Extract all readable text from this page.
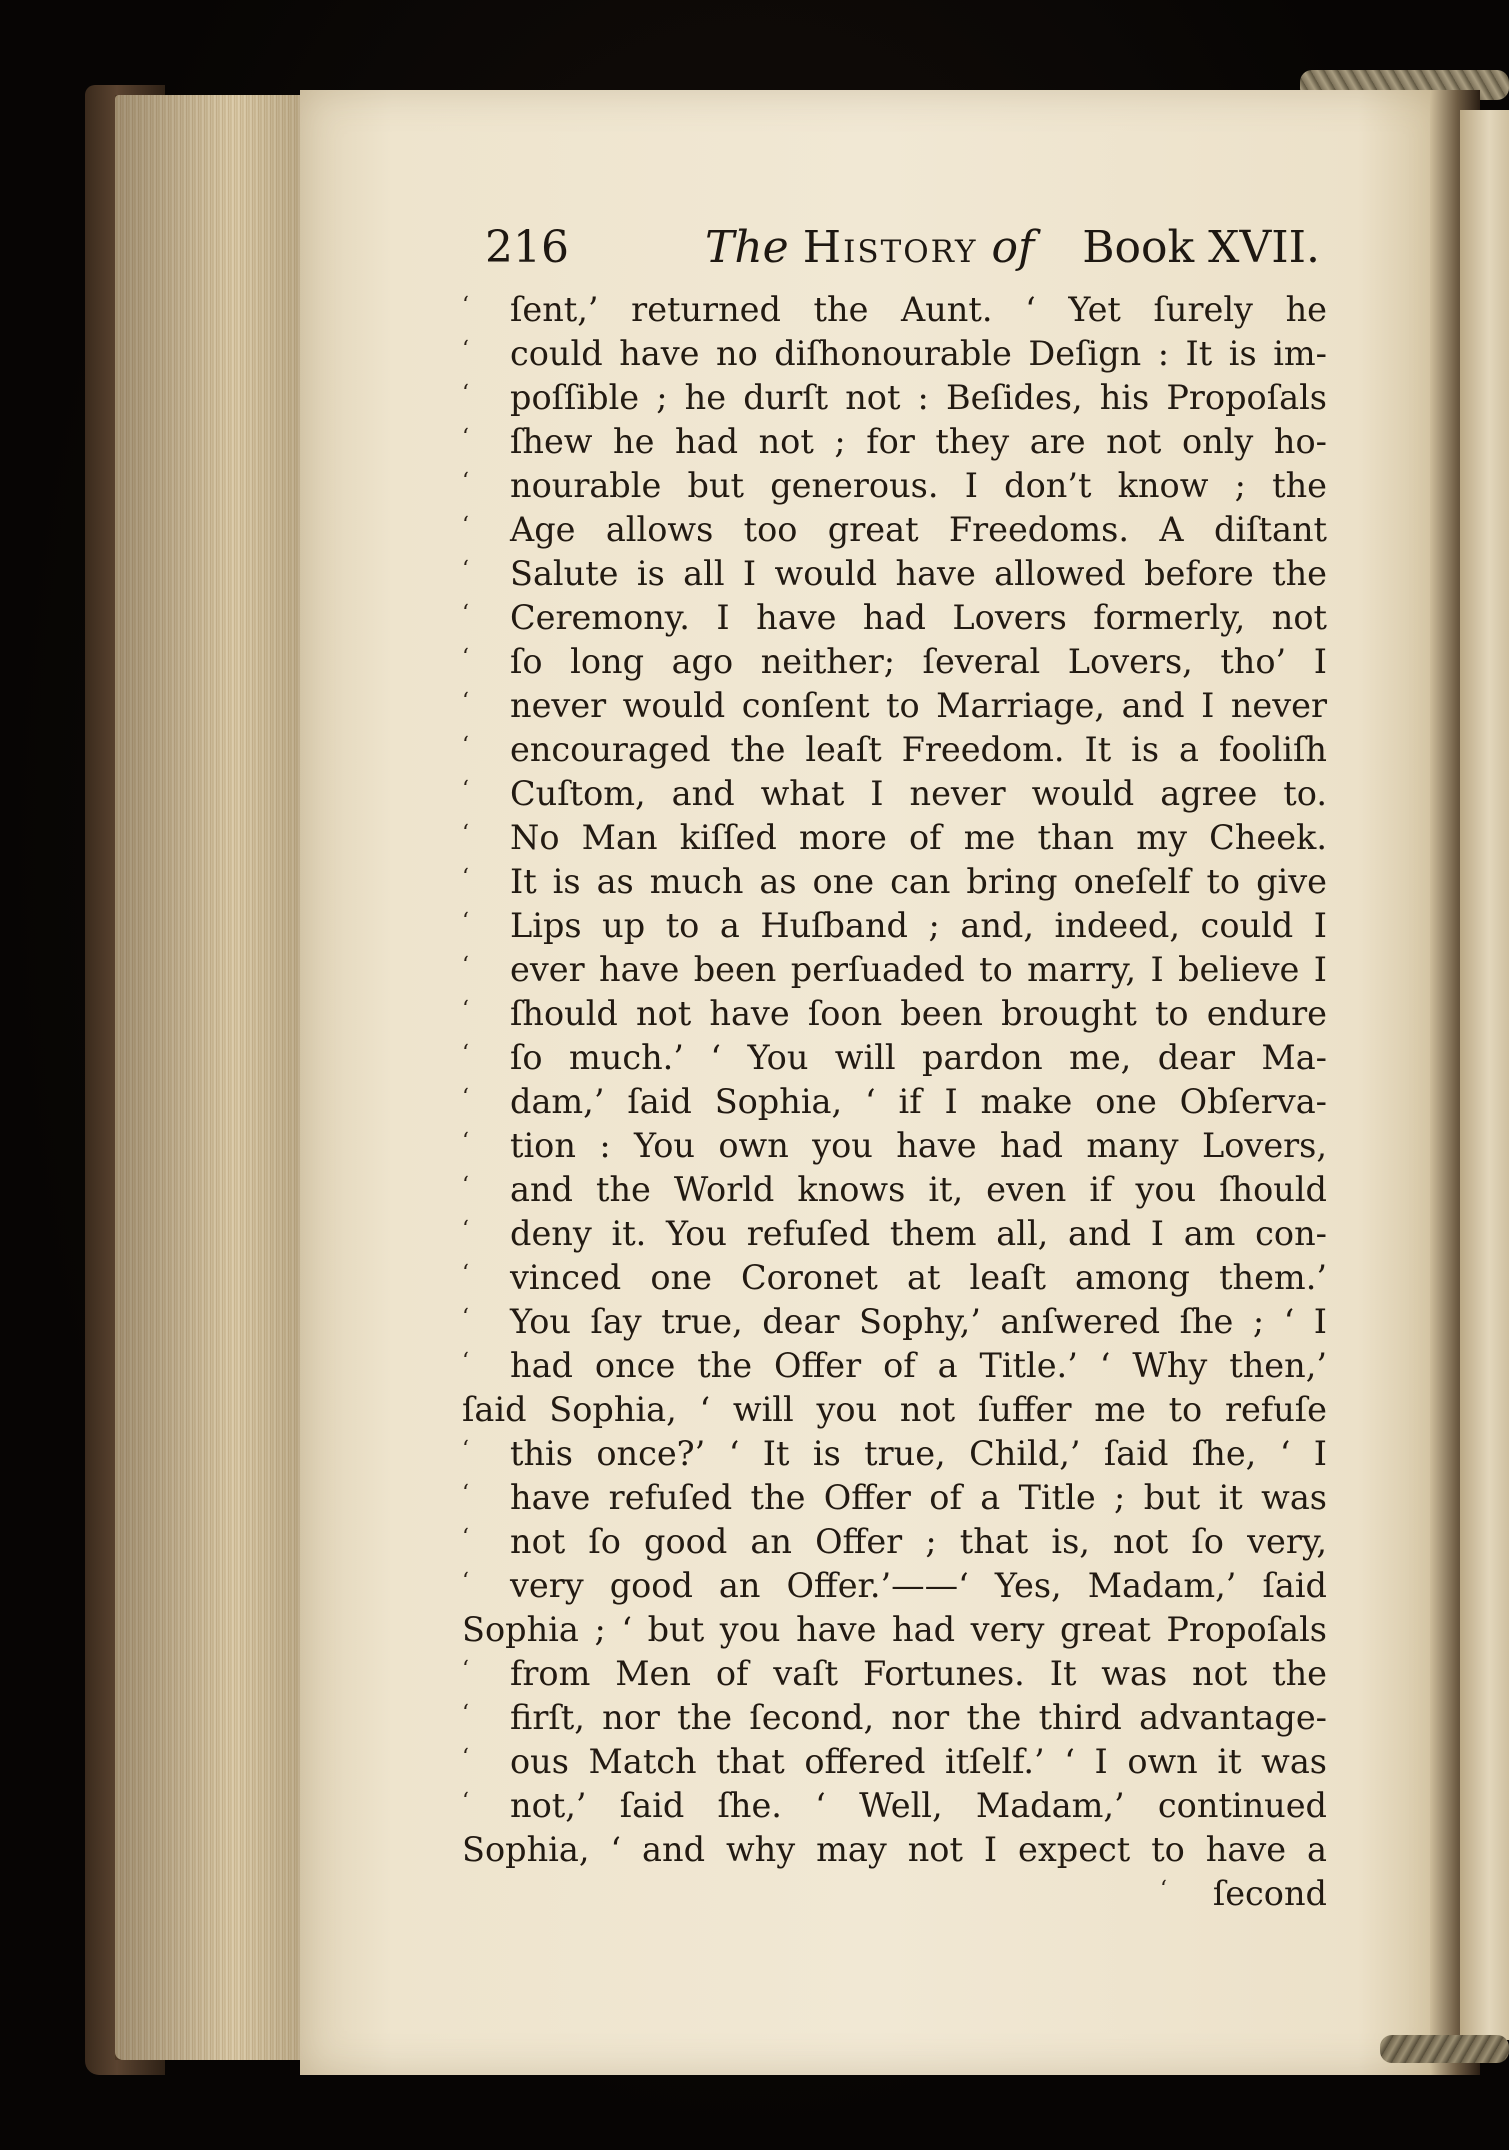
216	The History of Book XVII.
‘ ſent,’ returned the Aunt. ‘ Yet ſurely he
‘ could have no diſhonourable Deſign : It is im-
‘ poſſible ; he durſt not : Beſides, his Propoſals
‘ ſhew he had not ; for they are not only ho-
‘ nourable but generous. I don’t know ; the
‘ Age allows too great Freedoms. A diſtant
‘ Salute is all I would have allowed before the
‘ Ceremony. I have had Lovers formerly, not
‘ ſo long ago neither; ſeveral Lovers, tho’ I
‘ never would conſent to Marriage, and I never
‘ encouraged the leaſt Freedom. It is a fooliſh
‘ Cuſtom, and what I never would agree to.
‘ No Man kiſſed more of me than my Cheek.
‘ It is as much as one can bring oneſelf to give
‘ Lips up to a Huſband ; and, indeed, could I
‘ ever have been perſuaded to marry, I believe I
‘ ſhould not have ſoon been brought to endure
‘ ſo much.’ ‘ You will pardon me, dear Ma-
‘ dam,’ ſaid Sophia, ‘ if I make one Obſerva-
‘ tion : You own you have had many Lovers,
‘ and the World knows it, even if you ſhould
‘ deny it. You refuſed them all, and I am con-
‘ vinced one Coronet at leaſt among them.’
‘ You ſay true, dear Sophy,’ anſwered ſhe ; ‘ I
‘ had once the Offer of a Title.’ ‘ Why then,’
ſaid Sophia, ‘ will you not ſuffer me to refuſe
‘ this once?’ ‘ It is true, Child,’ ſaid ſhe, ‘ I
‘ have refuſed the Offer of a Title ; but it was
‘ not ſo good an Offer ; that is, not ſo very,
‘ very good an Offer.’——‘ Yes, Madam,’ ſaid
Sophia ; ‘ but you have had very great Propoſals
‘ from Men of vaſt Fortunes. It was not the
‘ firſt, nor the ſecond, nor the third advantage-
‘ ous Match that offered itſelf.’ ‘ I own it was
‘ not,’ ſaid ſhe. ‘ Well, Madam,’ continued
Sophia, ‘ and why may not I expect to have a
‘	ſecond
